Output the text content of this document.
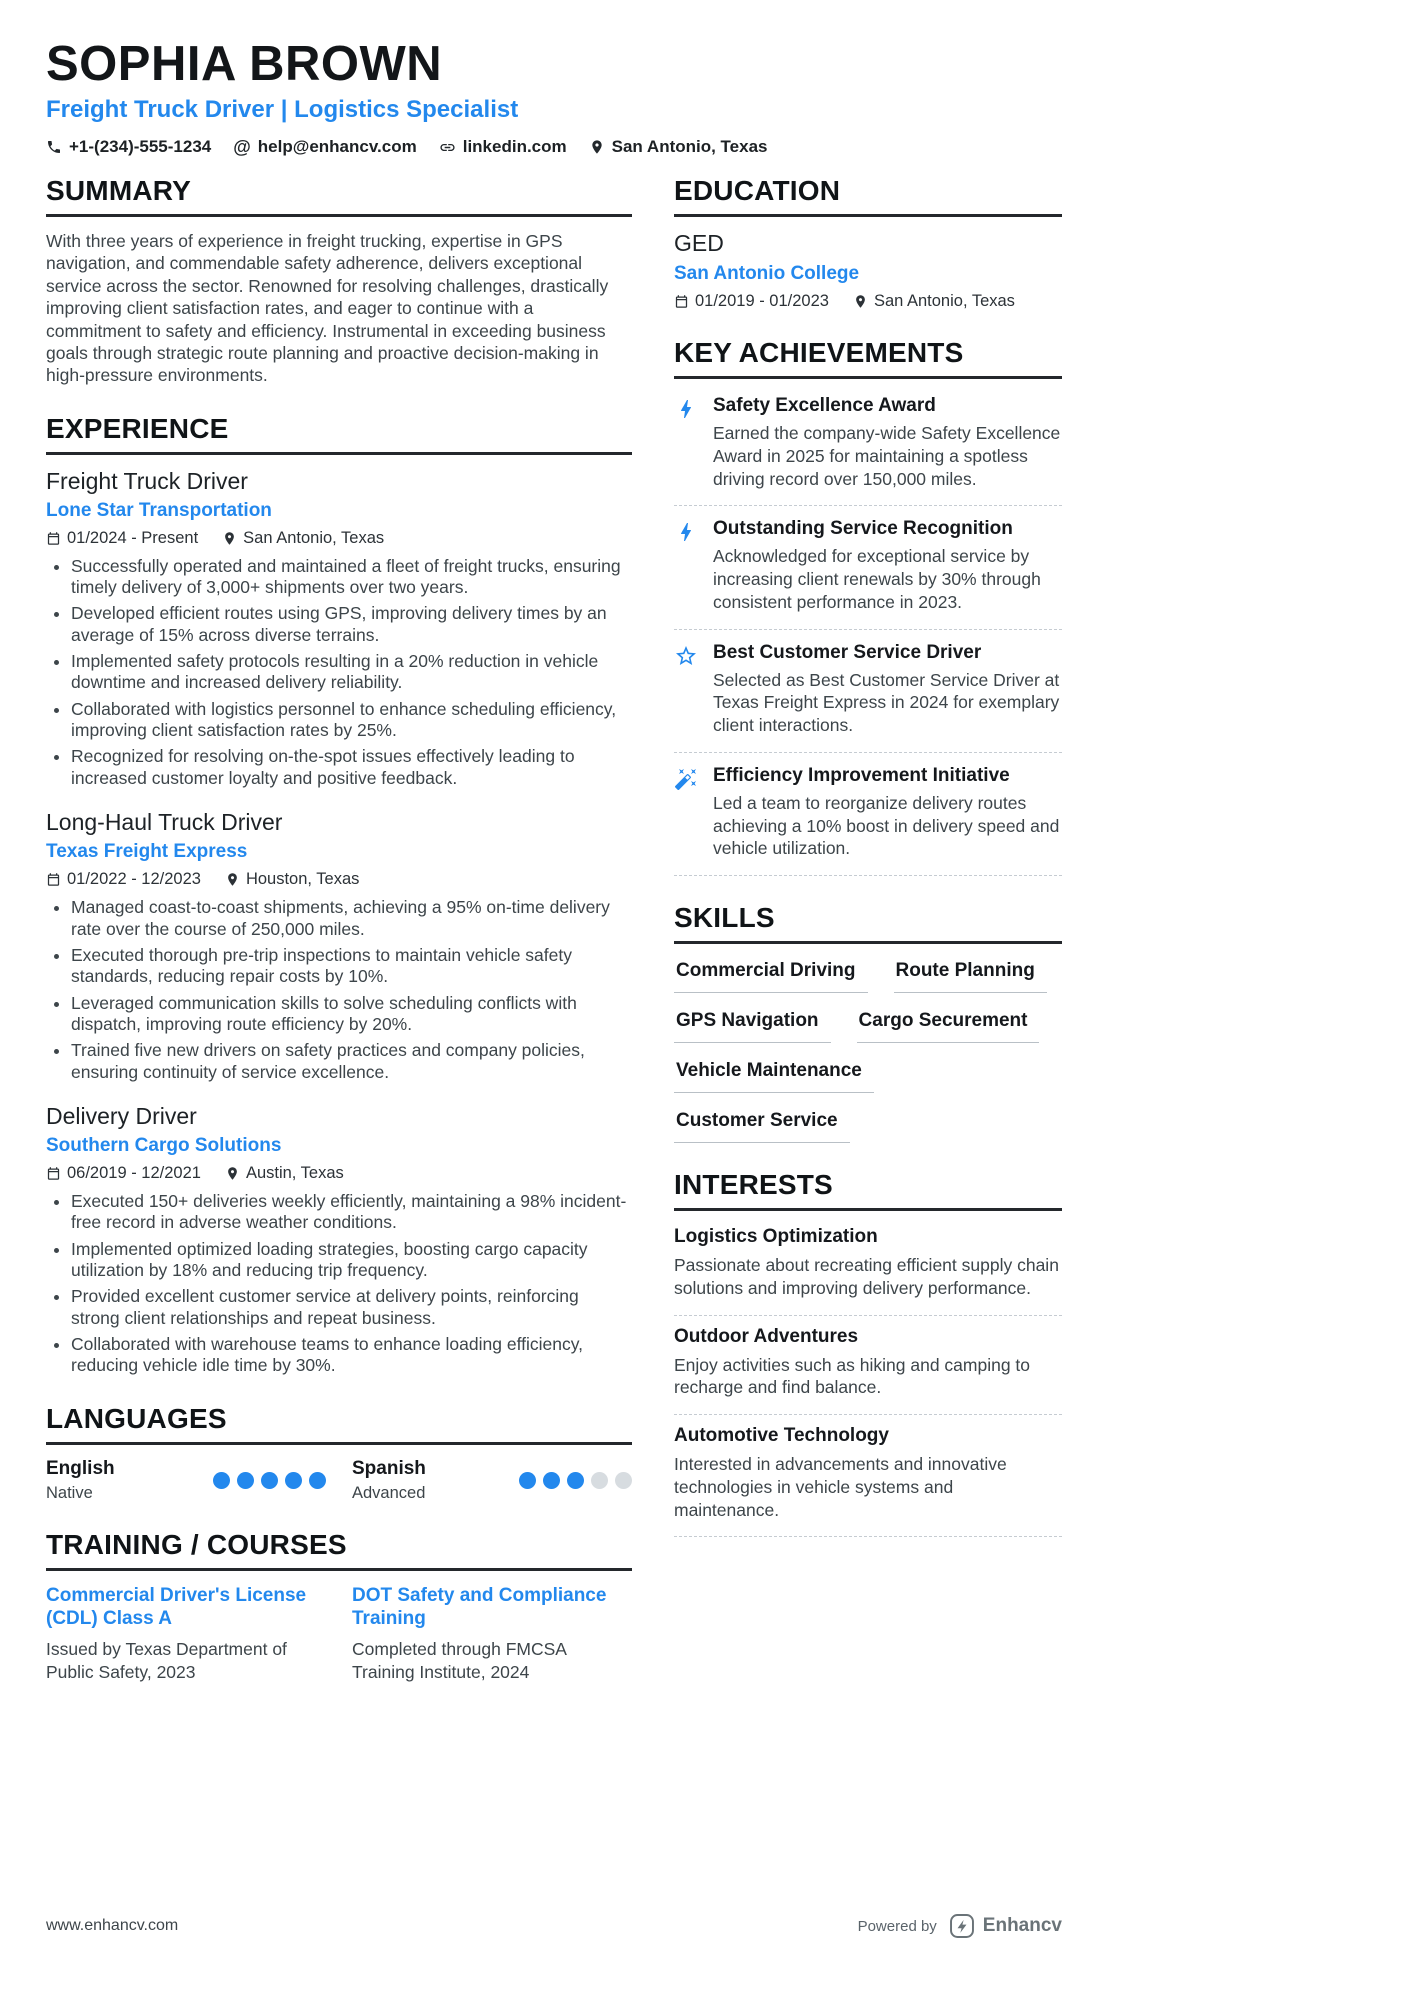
SOPHIA BROWN
Freight Truck Driver | Logistics Specialist
+1-(234)-555-1234 @ help@enhancv.com	linkedin.com	San Antonio, Texas
SUMMARY

With three years of experience in freight trucking, expertise in GPS navigation, and commendable safety adherence, delivers exceptional service across the sector. Renowned for resolving challenges, drastically improving client satisfaction rates, and eager to continue with a commitment to safety and efficiency. Instrumental in exceeding business goals through strategic route planning and proactive decision-making in high-pressure environments.

EXPERIENCE
Freight Truck Driver
Lone Star Transportation
01/2024 - Present	San Antonio, Texas
• Successfully operated and maintained a fleet of freight trucks, ensuring timely delivery of 3,000+ shipments over two years.
• Developed efficient routes using GPS, improving delivery times by an average of 15% across diverse terrains.
• Implemented safety protocols resulting in a 20% reduction in vehicle downtime and increased delivery reliability.
• Collaborated with logistics personnel to enhance scheduling efficiency, improving client satisfaction rates by 25%.
• Recognized for resolving on-the-spot issues effectively leading to increased customer loyalty and positive feedback.
Long-Haul Truck Driver
Texas Freight Express
01/2022 - 12/2023	Houston, Texas
• Managed coast-to-coast shipments, achieving a 95% on-time delivery rate over the course of 250,000 miles.
• Executed thorough pre-trip inspections to maintain vehicle safety standards, reducing repair costs by 10%.
• Leveraged communication skills to solve scheduling conflicts with dispatch, improving route efficiency by 20%.
• Trained five new drivers on safety practices and company policies, ensuring continuity of service excellence.
Delivery Driver
Southern Cargo Solutions
06/2019 - 12/2021	Austin, Texas
• Executed 150+ deliveries weekly efficiently, maintaining a 98% incident-free record in adverse weather conditions.
• Implemented optimized loading strategies, boosting cargo capacity utilization by 18% and reducing trip frequency.
• Provided excellent customer service at delivery points, reinforcing strong client relationships and repeat business.
• Collaborated with warehouse teams to enhance loading efficiency, reducing vehicle idle time by 30%.
LANGUAGES
English
Native
Spanish
Advanced
TRAINING / COURSES
Commercial Driver's License (CDL) Class A
Issued by Texas Department of Public Safety, 2023
DOT Safety and Compliance Training
Completed through FMCSA Training Institute, 2024
EDUCATION
GED
San Antonio College
01/2019 - 01/2023	San Antonio, Texas
KEY ACHIEVEMENTS
Safety Excellence Award
Earned the company-wide Safety Excellence Award in 2025 for maintaining a spotless driving record over 150,000 miles.
Outstanding Service Recognition
Acknowledged for exceptional service by increasing client renewals by 30% through consistent performance in 2023.
Best Customer Service Driver
Selected as Best Customer Service Driver at Texas Freight Express in 2024 for exemplary client interactions.
Efficiency Improvement Initiative
Led a team to reorganize delivery routes achieving a 10% boost in delivery speed and vehicle utilization.
SKILLS
Commercial Driving	Route Planning
GPS Navigation	Cargo Securement
Vehicle Maintenance
Customer Service
INTERESTS
Logistics Optimization
Passionate about recreating efficient supply chain solutions and improving delivery performance.
Outdoor Adventures
Enjoy activities such as hiking and camping to recharge and find balance.
Automotive Technology
Interested in advancements and innovative technologies in vehicle systems and maintenance.
www.enhancv.com	Powered by Enhancv
